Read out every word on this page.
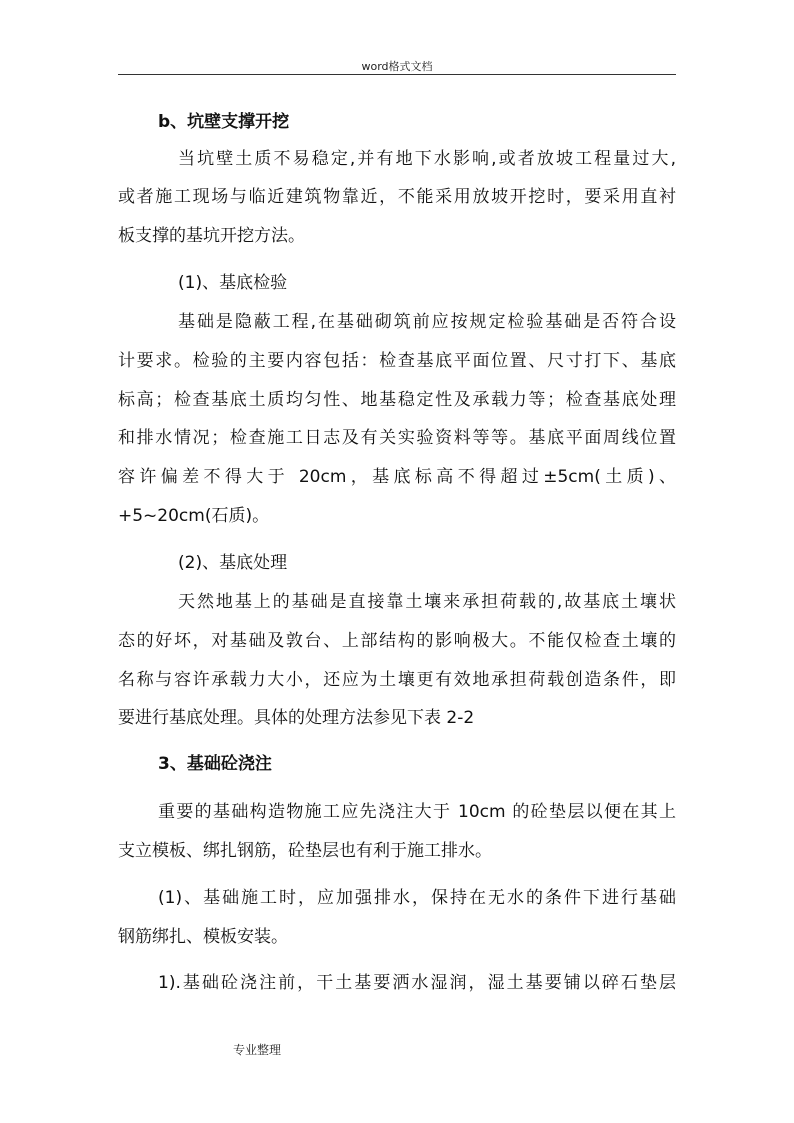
word格式文档
b、坑壁支撑开挖
当坑壁土质不易稳定,并有地下水影响,或者放坡工程量过大,
或者施工现场与临近建筑物靠近，不能采用放坡开挖时，要采用直衬
板支撑的基坑开挖方法。
(1)、基底检验
基础是隐蔽工程,在基础砌筑前应按规定检验基础是否符合设
计要求。检验的主要内容包括：检查基底平面位置、尺寸打下、基底
标高；检查基底土质均匀性、地基稳定性及承载力等；检查基底处理
和排水情况；检查施工日志及有关实验资料等等。基底平面周线位置
容许偏差不得大于 20cm，基底标高不得超过±5cm(土质)、
+5~20cm(石质)。
(2)、基底处理
天然地基上的基础是直接靠土壤来承担荷载的,故基底土壤状
态的好坏，对基础及敦台、上部结构的影响极大。不能仅检查土壤的
名称与容许承载力大小，还应为土壤更有效地承担荷载创造条件，即
要进行基底处理。具体的处理方法参见下表 2-2
3、基础砼浇注
重要的基础构造物施工应先浇注大于 10cm 的砼垫层以便在其上
支立模板、绑扎钢筋，砼垫层也有利于施工排水。
(1)、基础施工时，应加强排水，保持在无水的条件下进行基础
钢筋绑扎、模板安装。
1).基础砼浇注前，干土基要洒水湿润，湿土基要铺以碎石垫层
专业整理
